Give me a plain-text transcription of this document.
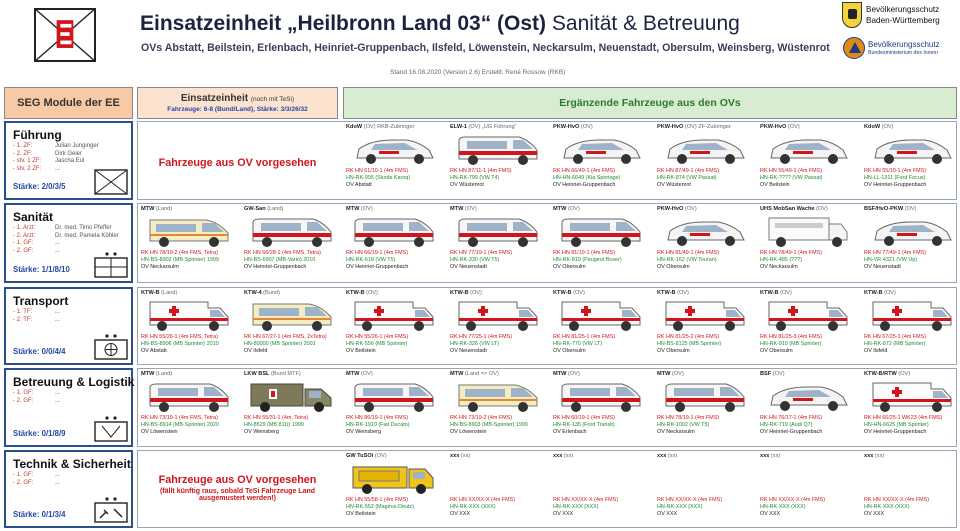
Einsatzeinheit „Heilbronn Land 03“ (Ost) Sanität & Betreuung
OVs Abstatt, Beilstein, Erlenbach, Heinriet-Gruppenbach, Ilsfeld, Löwenstein, Neckarsulm, Neuenstadt, Obersulm, Weinsberg, Wüstenrot
Stand 16.08.2020 (Version 2.6) Erstellt: René Rossow (RKB)
Bevölkerungsschutz
Baden-Württemberg
Bevölkerungsschutz
Bundesministerium des Innern
SEG Module der EE	Einsatzeinheit (noch mit TeSi)
Fahrzeuge: 6-8 (Bund/Land), Stärke: 3/3/26/32
Ergänzende Fahrzeuge aus den OVs
Führung
- 1. ZF:	Julian Junginger
- 2. ZF:	Dirk Geier
- stv. 1 ZF: Jascha Eul
- stv. 2 ZF: ...
Stärke: 2/0/3/5
Sanität
- 1. Arzt:	Dr. med. Timo Pfeffer
- 2. Arzt:	Dr. med. Pamela Köhler
- 1. GF:	...
- 2. GF:	...
Stärke: 1/1/8/10
Transport
- 1. TF:	...
- 2. TF:	...
Stärke: 0/0/4/4
Betreuung & Logistik
- 1. GF:	...
- 2. GF:	...
Stärke: 0/1/8/9
Technik & Sicherheit
- 1. GF:	...
- 2. GF:	...
Stärke: 0/1/3/4
Fahrzeuge aus OV vorgesehen
Fahrzeuge aus OV vorgesehen
(fällt künftig raus, sobald TeSi Fahrzeuge Land ausgemustert werden!)
KdoW (OV) RKB-Zubringer
RK HN 61/10-1 (4m FMS)
HN-RK-995 (Skoda Karoq)
OV Abstatt
ELW-1 (OV) „UG Führung“
RK HN 87/11-1 (4m FMS)
HN-RK-799 (VW T4)
OV Wüstenrot
PKW-HvO (OV)
RK HN 66/49-1 (4m FMS)
HN-HN-6649 (Kia Sportage)
OV Heinriet-Gruppenbach
PKW-HvO (OV) ZF-Zubringer
RK HN 87/49-1 (4m FMS)
HN-RK-874 (VW Passat)
OV Wüstenrot
PKW-HvO (OV)
RK HN 55/49-1 (4m FMS)
HN-RK-???? (VW Passat)
OV Beilstein
KdoW (OV)
RK HN 55/10-1 (4m FMS)
HN-LL-1311 (Ford Focus)
OV Heinriet-Gruppenbach
MTW (OV)
RK HN 66/19-1 (4m FMS)
HN-RK-618 (VW T5)
OV Heinriet-Gruppenbach
MTW (OV)
RK HN 77/19-1 (4m FMS)
HN-RK-330 (VW T5)
OV Neuenstadt
MTW (OV)
RK HN 81/19-1 (4m FMS)
HN-RK-819 (Peugeot Boxer)
OV Obersulm
PKW-HvO (OV)
RK HN 81/49-1 (4m FMS)
HN-RK-162 (VW Touran)
OV Obersulm
UHS MobSan Wache (OV)
RK HN 78/49-1 (4m FMS)
HN-RK-485 (???)
OV Neckarsulm
BSF/HvO-PKW (OV)
RK HN 77/49-1 (4m FMS)
HN-VR-4321 (VW Up)
OV Neuenstadt
KTW-B (OV)
RK HN 55/26-1 (4m FMS)
HN-RK-556 (MB Sprinter)
OV Beilstein
KTW-B (OV)
RK HN 77/25-1 (4m FMS)
HN-RK-326 (VW LT)
OV Neuenstadt
KTW-B (OV)
RK HN 81/25-1 (4m FMS)
HN-RK-770 (VW LT)
OV Obersulm
KTW-B (OV)
RK HN 81/25-2 (4m FMS)
HN-BS-8125 (MB Sprinter)
OV Obersulm
KTW-B (OV)
RK HN 81/25-3 (4m FMS)
HN-RK-910 (MB Sprinter)
OV Obersulm
KTW-B (OV)
RK HN 67/25-1 (4m FMS)
HN-RK-872 (MB Sprinter)
OV Ilsfeld
MTW (OV)
RK HN 86/19-1 (4m FMS)
HN-RK-1910 (Fiat Ducato)
OV Weinsberg
MTW (Land => OV)
RK HN 73/19-2 (4m FMS)
HN-BS-8903 (MB-Sprinter) 1999
OV Löwenstein
MTW (OV)
RK HN 60/19-1 (4m FMS)
HN-RK-135 (Ford Transit)
OV Erlenbach
MTW (OV)
RK HN 78/19-1 (4m FMS)
HN-RK-1002 (VW T5)
OV Neckarsulm
BSF (OV)
RK HN 76/17-1 (4m FMS)
HN-RK-719 (Audi Q7)
OV Heinriet-Gruppenbach
KTW-B/RTW (OV)
RK HN 66/25-1 WK23 (4m FMS)
HN-HN-6625 (MB Sprinter)
OV Heinriet-Gruppenbach
GW TuSOi (OV)
RK HN 55/58-1 (4m FMS)
HN-RK-552 (Magirus-Deutz)
OV Beilstein
xxx (xx)
RK HN XX/XX-X (4m FMS)
HN-RK-XXX (XXX)
OV XXX
xxx (xx)
RK HN XX/XX-X (4m FMS)
HN-RK-XXX (XXX)
OV XXX
xxx (xx)
RK HN XX/XX-X (4m FMS)
HN-RK-XXX (XXX)
OV XXX
xxx (xx)
RK HN XX/XX-X (4m FMS)
HN-RK-XXX (XXX)
OV XXX
xxx (xx)
RK HN XX/XX-X (4m FMS)
HN-RK-XXX (XXX)
OV XXX
MTW (Land)
RK HN 78/19-2 (4m FMS, Tetra)
HN-BS-8902 (MB-Sprinter) 1999
OV Neckarsulm
GW-San (Land)
RK HN 66/28-1 (4m FMS, Tetra)
HN-BS-6907 (MB-Vario) 2010
OV Heinriet-Gruppenbach
KTW-B (Land)
RK HN 55/26-1 (4m FMS, Tetra)
HN-BS-8906 (MB Sprinter) 2010
OV Abstatt
KTW-4 (Bund)
RK HN 67/27-1 (4m FMS, 2xTetra)
HN-80000 (MB Sprinter) 2001
OV Ilsfeld
MTW (Land)
RK HN 73/19-1 (4m FMS, Tetra)
HN-BS-8914 (MB-Sprinter) 2020
OV Löwenstein
LKW BSL (Bund MTF)
RK HN 55/31-1 (4m, Tetra)
HN-8529 (MB 811t) 1999
OV Weinsberg
